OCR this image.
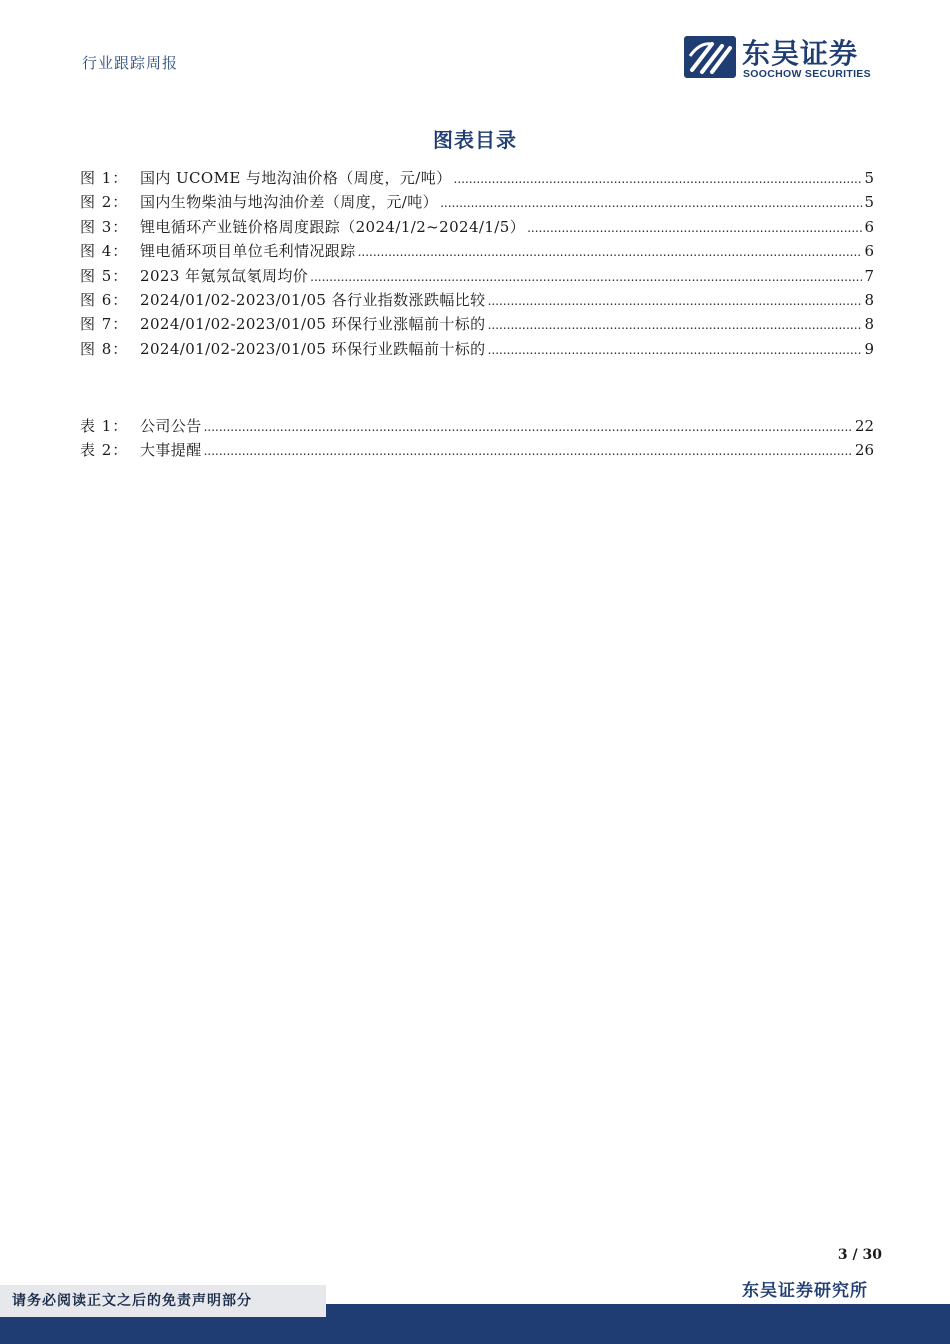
行业跟踪周报	东吴证券
SOOCHOW SECURITIES
图表目录
图 1： 国内 UCOME 与地沟油价格（周度，元/吨） .....	5
图 2： 国内生物柴油与地沟油价差（周度，元/吨） .....	5
图 3： 锂电循环产业链价格周度跟踪（2024/1/2~2024/1/5） .....	6
图 4： 锂电循环项目单位毛利情况跟踪 .....	6
图 5： 2023 年氪氖氙氡周均价 .....	7
图 6： 2024/01/02-2023/01/05 各行业指数涨跌幅比较 .....	8
图 7： 2024/01/02-2023/01/05 环保行业涨幅前十标的 .....	8
图 8： 2024/01/02-2023/01/05 环保行业跌幅前十标的 .....	9
表 1： 公司公告 .....	22
表 2： 大事提醒 .....	26
3 / 30
东吴证券研究所
请务必阅读正文之后的免责声明部分
